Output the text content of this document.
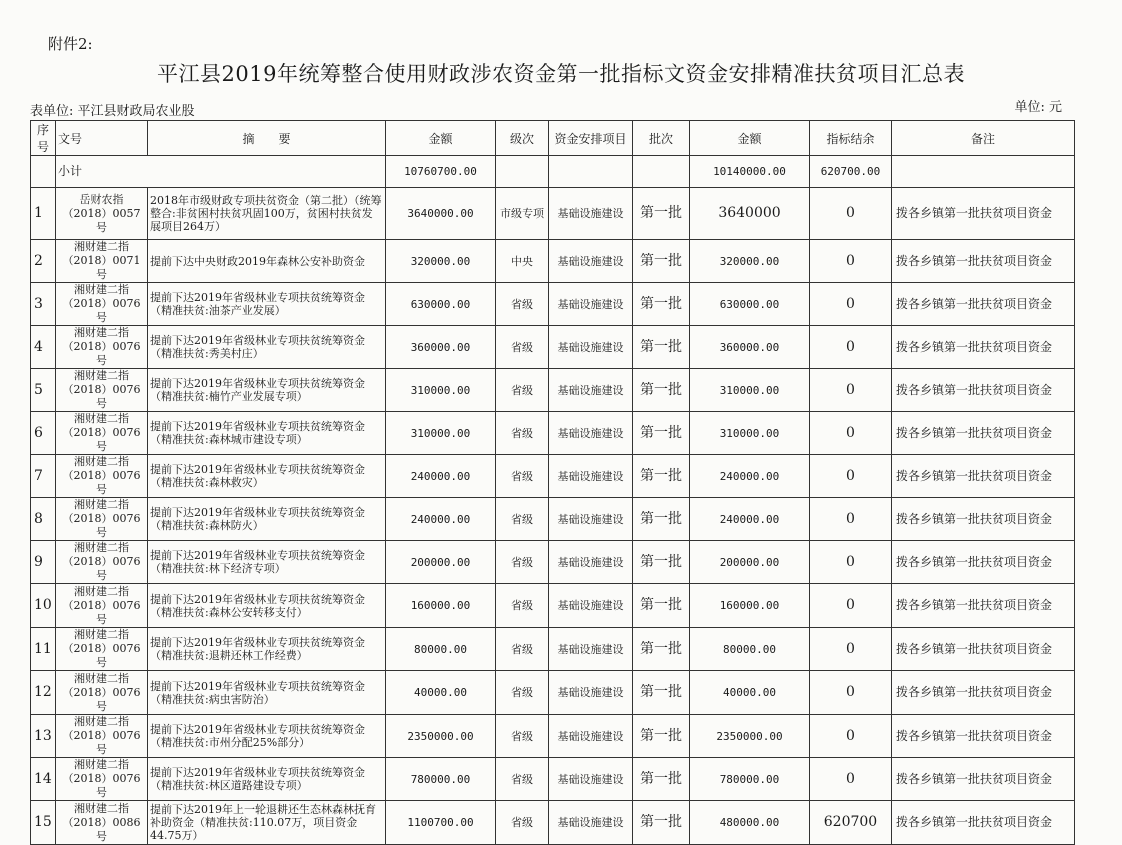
附件2:
平江县2019年统筹整合使用财政涉农资金第一批指标文资金安排精准扶贫项目汇总表
表单位: 平江县财政局农业股	单位: 元
序号	文号	摘　　要	金额	级次	资金安排项目	批次	金额	指标结余	备注
	小计		10760700.00				10140000.00	620700.00	
1	岳财农指（2018）0057号	2018年市级财政专项扶贫资金（第二批）（统筹整合:非贫困村扶贫巩固100万，贫困村扶贫发展项目264万）	3640000.00	市级专项	基础设施建设	第一批	3640000	0	拨各乡镇第一批扶贫项目资金
2	湘财建二指（2018）0071号	提前下达中央财政2019年森林公安补助资金	320000.00	中央	基础设施建设	第一批	320000.00	0	拨各乡镇第一批扶贫项目资金
3	湘财建二指（2018）0076号	提前下达2019年省级林业专项扶贫统筹资金（精准扶贫:油茶产业发展）	630000.00	省级	基础设施建设	第一批	630000.00	0	拨各乡镇第一批扶贫项目资金
4	湘财建二指（2018）0076号	提前下达2019年省级林业专项扶贫统筹资金（精准扶贫:秀美村庄）	360000.00	省级	基础设施建设	第一批	360000.00	0	拨各乡镇第一批扶贫项目资金
5	湘财建二指（2018）0076号	提前下达2019年省级林业专项扶贫统筹资金（精准扶贫:楠竹产业发展专项）	310000.00	省级	基础设施建设	第一批	310000.00	0	拨各乡镇第一批扶贫项目资金
6	湘财建二指（2018）0076号	提前下达2019年省级林业专项扶贫统筹资金（精准扶贫:森林城市建设专项）	310000.00	省级	基础设施建设	第一批	310000.00	0	拨各乡镇第一批扶贫项目资金
7	湘财建二指（2018）0076号	提前下达2019年省级林业专项扶贫统筹资金（精准扶贫:森林救灾）	240000.00	省级	基础设施建设	第一批	240000.00	0	拨各乡镇第一批扶贫项目资金
8	湘财建二指（2018）0076号	提前下达2019年省级林业专项扶贫统筹资金（精准扶贫:森林防火）	240000.00	省级	基础设施建设	第一批	240000.00	0	拨各乡镇第一批扶贫项目资金
9	湘财建二指（2018）0076号	提前下达2019年省级林业专项扶贫统筹资金（精准扶贫:林下经济专项）	200000.00	省级	基础设施建设	第一批	200000.00	0	拨各乡镇第一批扶贫项目资金
10	湘财建二指（2018）0076号	提前下达2019年省级林业专项扶贫统筹资金（精准扶贫:森林公安转移支付）	160000.00	省级	基础设施建设	第一批	160000.00	0	拨各乡镇第一批扶贫项目资金
11	湘财建二指（2018）0076号	提前下达2019年省级林业专项扶贫统筹资金（精准扶贫:退耕还林工作经费）	80000.00	省级	基础设施建设	第一批	80000.00	0	拨各乡镇第一批扶贫项目资金
12	湘财建二指（2018）0076号	提前下达2019年省级林业专项扶贫统筹资金（精准扶贫:病虫害防治）	40000.00	省级	基础设施建设	第一批	40000.00	0	拨各乡镇第一批扶贫项目资金
13	湘财建二指（2018）0076号	提前下达2019年省级林业专项扶贫统筹资金（精准扶贫:市州分配25%部分）	2350000.00	省级	基础设施建设	第一批	2350000.00	0	拨各乡镇第一批扶贫项目资金
14	湘财建二指（2018）0076号	提前下达2019年省级林业专项扶贫统筹资金（精准扶贫:林区道路建设专项）	780000.00	省级	基础设施建设	第一批	780000.00	0	拨各乡镇第一批扶贫项目资金
15	湘财建二指（2018）0086号	提前下达2019年上一轮退耕还生态林森林抚育补助资金（精准扶贫:110.07万，项目资金44.75万）	1100700.00	省级	基础设施建设	第一批	480000.00	620700	拨各乡镇第一批扶贫项目资金
